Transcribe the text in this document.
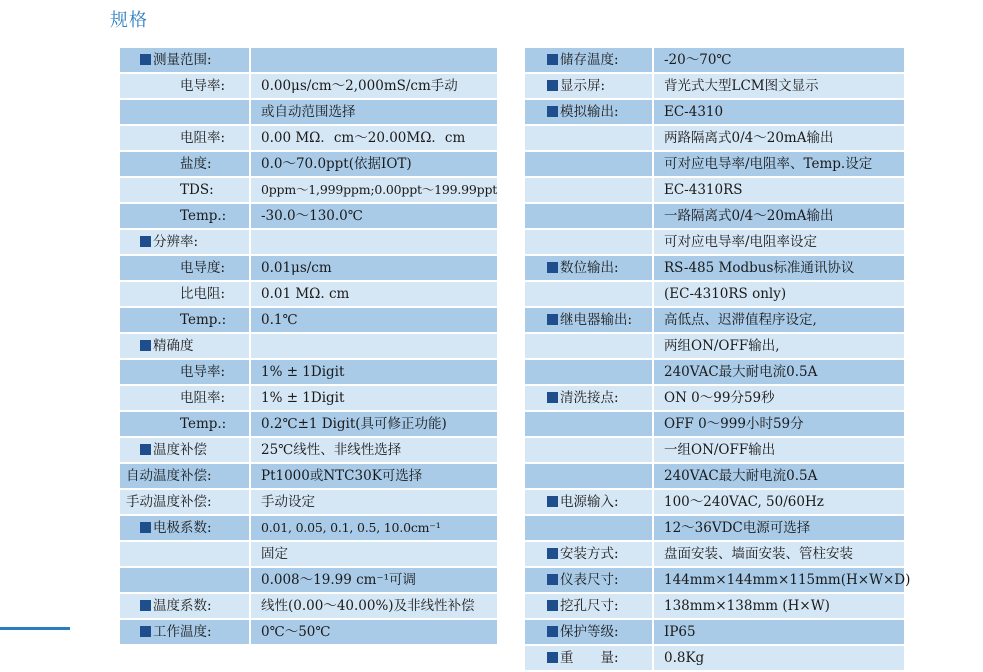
规格
测量范围:	
电导率:	0.00μs/cm～2,000mS/cm手动
	或自动范围选择
电阻率:	0.00 MΩ．cm～20.00MΩ．cm
盐度:	0.0～70.0ppt(依据IOT)
TDS:	0ppm～1,999ppm;0.00ppt～199.99ppt
Temp.:	-30.0～130.0℃
分辨率:	
电导度:	0.01μs/cm
比电阻:	0.01 MΩ. cm
Temp.:	0.1℃
精确度	
电导率:	1% ± 1Digit
电阻率:	1% ± 1Digit
Temp.:	0.2℃±1 Digit(具可修正功能)
温度补偿	25℃线性、非线性选择
自动温度补偿:	Pt1000或NTC30K可选择
手动温度补偿:	手动设定
电极系数:	0.01, 0.05, 0.1, 0.5, 10.0cm⁻¹
	固定
	0.008～19.99 cm⁻¹可调
温度系数:	线性(0.00～40.00%)及非线性补偿
工作温度:	0℃～50℃
储存温度:	-20～70℃
显示屏:	背光式大型LCM图文显示
模拟输出:	EC-4310
	两路隔离式0/4～20mA输出
	可对应电导率/电阻率、Temp.设定
	EC-4310RS
	一路隔离式0/4～20mA输出
	可对应电导率/电阻率设定
数位输出:	RS-485 Modbus标准通讯协议
	(EC-4310RS only)
继电器输出:	高低点、迟滞值程序设定,
	两组ON/OFF输出,
	240VAC最大耐电流0.5A
清洗接点:	ON 0～99分59秒
	OFF 0～999小时59分
	一组ON/OFF输出
	240VAC最大耐电流0.5A
电源输入:	100～240VAC, 50/60Hz
	12～36VDC电源可选择
安装方式:	盘面安装、墙面安装、管柱安装
仪表尺寸:	144mm×144mm×115mm(H×W×D)
挖孔尺寸:	138mm×138mm (H×W)
保护等级:	IP65
重　　量:	0.8Kg
